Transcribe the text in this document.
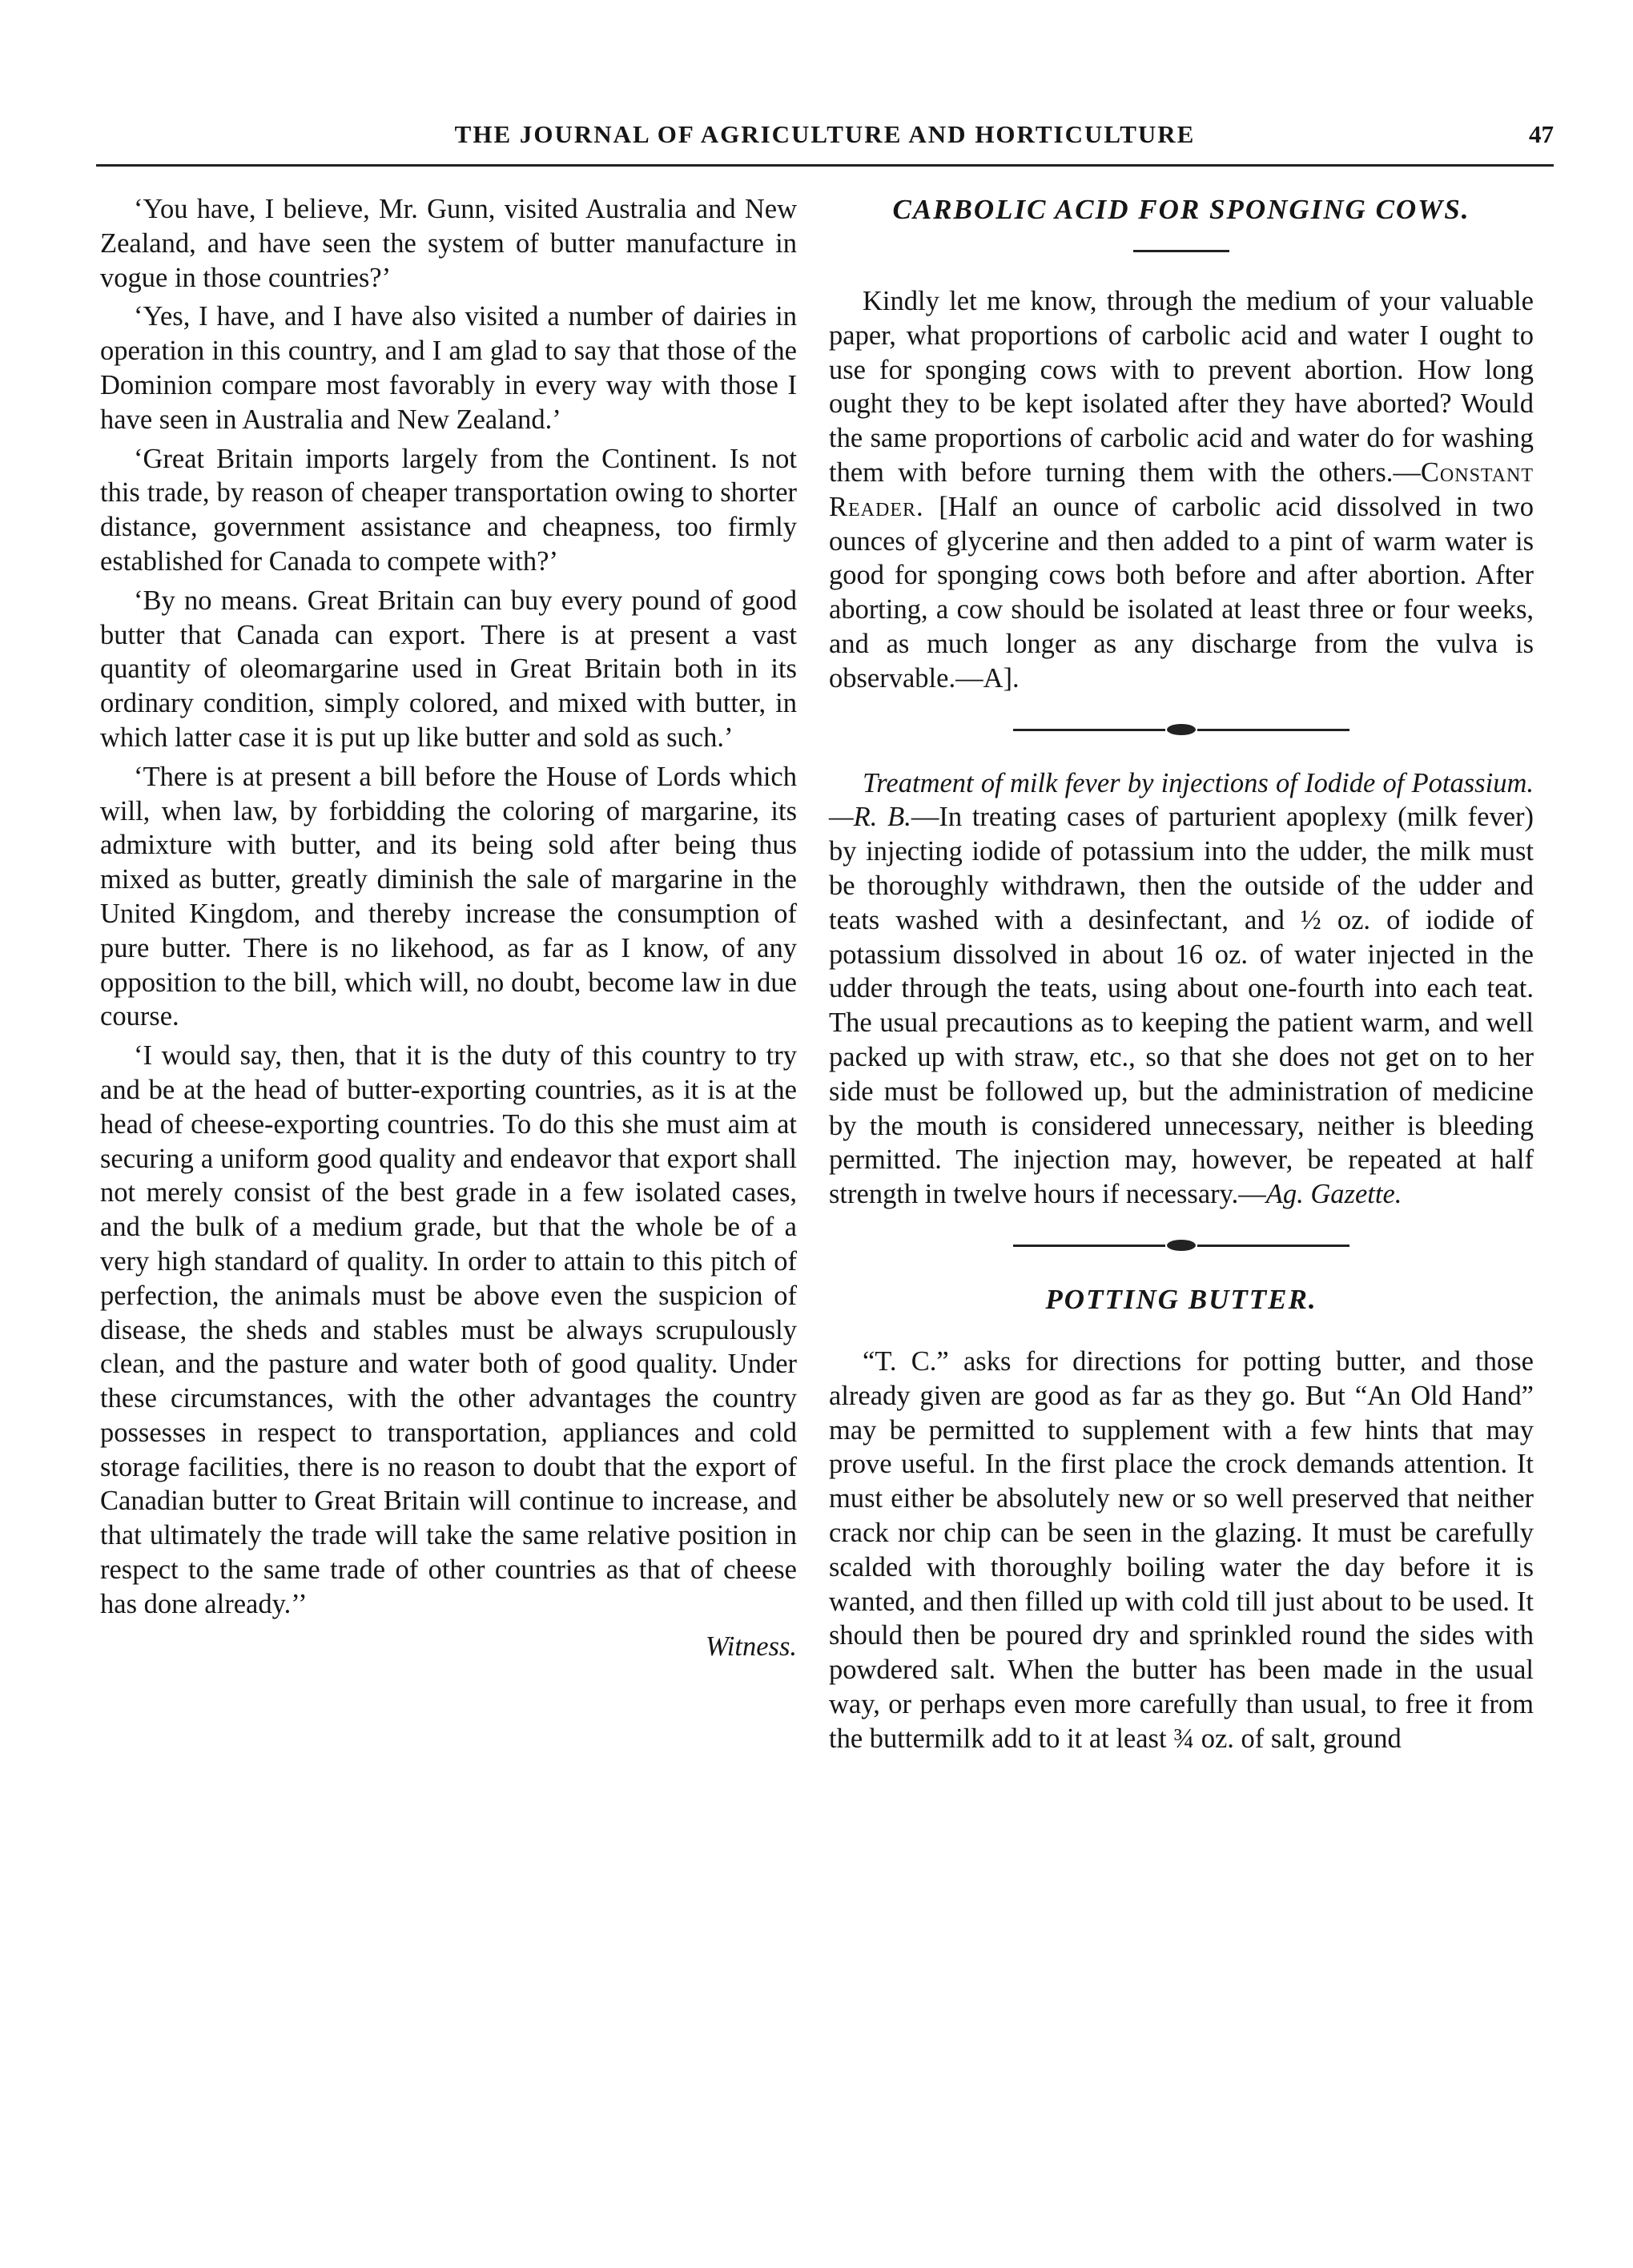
THE JOURNAL OF AGRICULTURE AND HORTICULTURE	47

‘You have, I believe, Mr. Gunn, visited Australia and New Zealand, and have seen the system of butter manufacture in vogue in those countries?’

‘Yes, I have, and I have also visited a number of dairies in operation in this country, and I am glad to say that those of the Dominion compare most favorably in every way with those I have seen in Australia and New Zealand.’

‘Great Britain imports largely from the Continent. Is not this trade, by reason of cheaper transportation owing to shorter distance, government assistance and cheapness, too firmly established for Canada to compete with?’

‘By no means. Great Britain can buy every pound of good butter that Canada can export. There is at present a vast quantity of oleomargarine used in Great Britain both in its ordinary condition, simply colored, and mixed with butter, in which latter case it is put up like butter and sold as such.’

‘There is at present a bill before the House of Lords which will, when law, by forbidding the coloring of margarine, its admixture with butter, and its being sold after being thus mixed as butter, greatly diminish the sale of margarine in the United Kingdom, and thereby increase the consumption of pure butter. There is no likehood, as far as I know, of any opposition to the bill, which will, no doubt, become law in due course.

‘I would say, then, that it is the duty of this country to try and be at the head of butter-exporting countries, as it is at the head of cheese-exporting countries. To do this she must aim at securing a uniform good quality and endeavor that export shall not merely consist of the best grade in a few isolated cases, and the bulk of a medium grade, but that the whole be of a very high standard of quality. In order to attain to this pitch of perfection, the animals must be above even the suspicion of disease, the sheds and stables must be always scrupulously clean, and the pasture and water both of good quality. Under these circumstances, with the other advantages the country possesses in respect to transportation, appliances and cold storage facilities, there is no reason to doubt that the export of Canadian butter to Great Britain will continue to increase, and that ultimately the trade will take the same relative position in respect to the same trade of other countries as that of cheese has done already.’’

Witness.
CARBOLIC ACID FOR SPONGING COWS.

Kindly let me know, through the medium of your valuable paper, what proportions of carbolic acid and water I ought to use for sponging cows with to prevent abortion. How long ought they to be kept isolated after they have aborted? Would the same proportions of carbolic acid and water do for washing them with before turning them with the others.—Constant Reader. [Half an ounce of carbolic acid dissolved in two ounces of glycerine and then added to a pint of warm water is good for sponging cows both before and after abortion. After aborting, a cow should be isolated at least three or four weeks, and as much longer as any discharge from the vulva is observable.—A].

Treatment of milk fever by injections of Iodide of Potassium.—R. B.—In treating cases of parturient apoplexy (milk fever) by injecting iodide of potassium into the udder, the milk must be thoroughly withdrawn, then the outside of the udder and teats washed with a desinfectant, and ½ oz. of iodide of potassium dissolved in about 16 oz. of water injected in the udder through the teats, using about one-fourth into each teat. The usual precautions as to keeping the patient warm, and well packed up with straw, etc., so that she does not get on to her side must be followed up, but the administration of medicine by the mouth is considered unnecessary, neither is bleeding permitted. The injection may, however, be repeated at half strength in twelve hours if necessary.—Ag. Gazette.

POTTING BUTTER.

“T. C.” asks for directions for potting butter, and those already given are good as far as they go. But “An Old Hand” may be permitted to supplement with a few hints that may prove useful. In the first place the crock demands attention. It must either be absolutely new or so well preserved that neither crack nor chip can be seen in the glazing. It must be carefully scalded with thoroughly boiling water the day before it is wanted, and then filled up with cold till just about to be used. It should then be poured dry and sprinkled round the sides with powdered salt. When the butter has been made in the usual way, or perhaps even more carefully than usual, to free it from the buttermilk add to it at least ¾ oz. of salt, ground
